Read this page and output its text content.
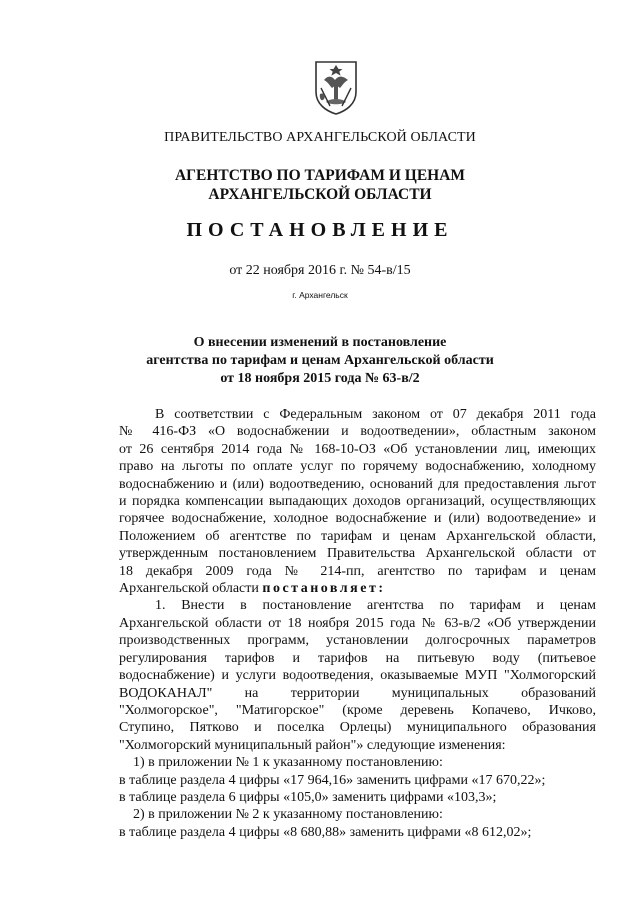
ПРАВИТЕЛЬСТВО АРХАНГЕЛЬСКОЙ ОБЛАСТИ
АГЕНТСТВО ПО ТАРИФАМ И ЦЕНАМ
АРХАНГЕЛЬСКОЙ ОБЛАСТИ
ПОСТАНОВЛЕНИЕ
от 22 ноября 2016 г. № 54-в/15
г. Архангельск
О внесении изменений в постановление
агентства по тарифам и ценам Архангельской области
от 18 ноября 2015 года № 63-в/2

В соответствии с Федеральным законом от 07 декабря 2011 года

№ 416-ФЗ «О водоснабжении и водоотведении», областным законом

от 26 сентября 2014 года № 168-10-ОЗ «Об установлении лиц, имеющих

право на льготы по оплате услуг по горячему водоснабжению, холодному

водоснабжению и (или) водоотведению, оснований для предоставления льгот

и порядка компенсации выпадающих доходов организаций, осуществляющих

горячее водоснабжение, холодное водоснабжение и (или) водоотведение» и

Положением об агентстве по тарифам и ценам Архангельской области,

утвержденным постановлением Правительства Архангельской области от

18 декабря 2009 года № 214-пп, агентство по тарифам и ценам

Архангельской области постановляет:

1. Внести в постановление агентства по тарифам и ценам

Архангельской области от 18 ноября 2015 года № 63-в/2 «Об утверждении

производственных программ, установлении долгосрочных параметров

регулирования тарифов и тарифов на питьевую воду (питьевое

водоснабжение) и услуги водоотведения, оказываемые МУП "Холмогорский

ВОДОКАНАЛ" на территории муниципальных образований

"Холмогорское", "Матигорское" (кроме деревень Копачево, Ичково,

Ступино, Пятково и поселка Орлецы) муниципального образования

"Холмогорский муниципальный район"» следующие изменения:

1) в приложении № 1 к указанному постановлению:

в таблице раздела 4 цифры «17 964,16» заменить цифрами «17 670,22»;

в таблице раздела 6 цифры «105,0» заменить цифрами «103,3»;

2) в приложении № 2 к указанному постановлению:

в таблице раздела 4 цифры «8 680,88» заменить цифрами «8 612,02»;
